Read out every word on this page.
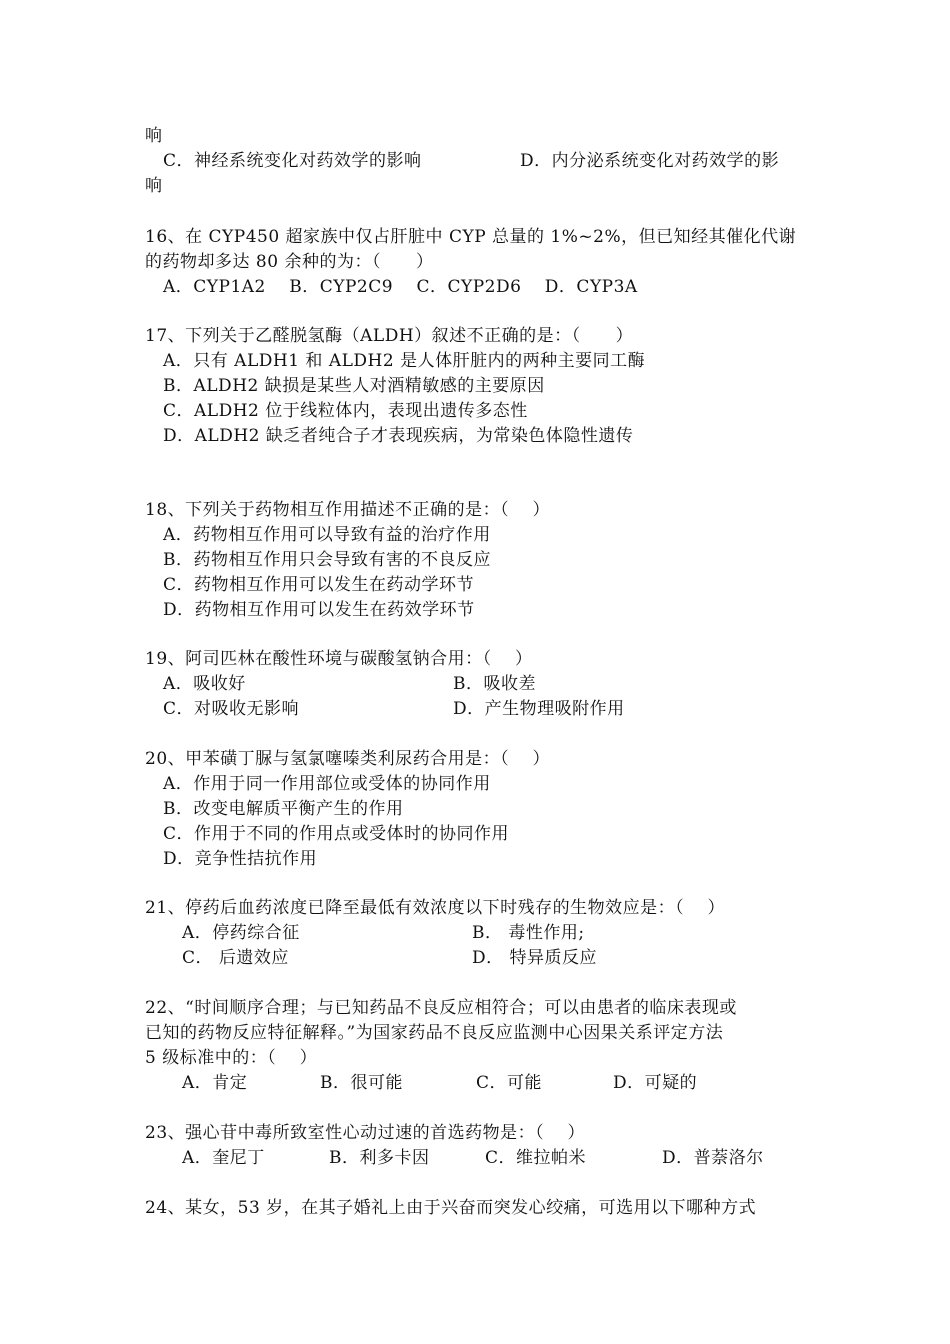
响
C．神经系统变化对药效学的影响	D．内分泌系统变化对药效学的影
响
16、在 CYP450 超家族中仅占肝脏中 CYP 总量的 1%~2%，但已知经其催化代谢
的药物却多达 80 余种的为：（　　）
A．CYP1A2　 B．CYP2C9　 C．CYP2D6　 D．CYP3A
17、下列关于乙醛脱氢酶（ALDH）叙述不正确的是：（　　）
A．只有 ALDH1 和 ALDH2 是人体肝脏内的两种主要同工酶
B．ALDH2 缺损是某些人对酒精敏感的主要原因
C．ALDH2 位于线粒体内，表现出遗传多态性
D．ALDH2 缺乏者纯合子才表现疾病，为常染色体隐性遗传
18、下列关于药物相互作用描述不正确的是：（　 ）
A．药物相互作用可以导致有益的治疗作用
B．药物相互作用只会导致有害的不良反应
C．药物相互作用可以发生在药动学环节
D．药物相互作用可以发生在药效学环节
19、阿司匹林在酸性环境与碳酸氢钠合用：（　 ）
A．吸收好	B．吸收差
C．对吸收无影响	D．产生物理吸附作用
20、甲苯磺丁脲与氢氯噻嗪类利尿药合用是：（　 ）
A．作用于同一作用部位或受体的协同作用
B．改变电解质平衡产生的作用
C．作用于不同的作用点或受体时的协同作用
D．竞争性拮抗作用
21、停药后血药浓度已降至最低有效浓度以下时残存的生物效应是：（　 ）
A．停药综合征	B． 毒性作用;
C． 后遗效应	D． 特异质反应
22、“时间顺序合理；与已知药品不良反应相符合；可以由患者的临床表现或
已知的药物反应特征解释。”为国家药品不良反应监测中心因果关系评定方法
5 级标准中的：（　 ）
A．肯定	B．很可能	C．可能	D．可疑的
23、强心苷中毒所致室性心动过速的首选药物是：（　 ）
A．奎尼丁	B．利多卡因	C．维拉帕米	D．普萘洛尔
24、某女，53 岁，在其子婚礼上由于兴奋而突发心绞痛，可选用以下哪种方式
